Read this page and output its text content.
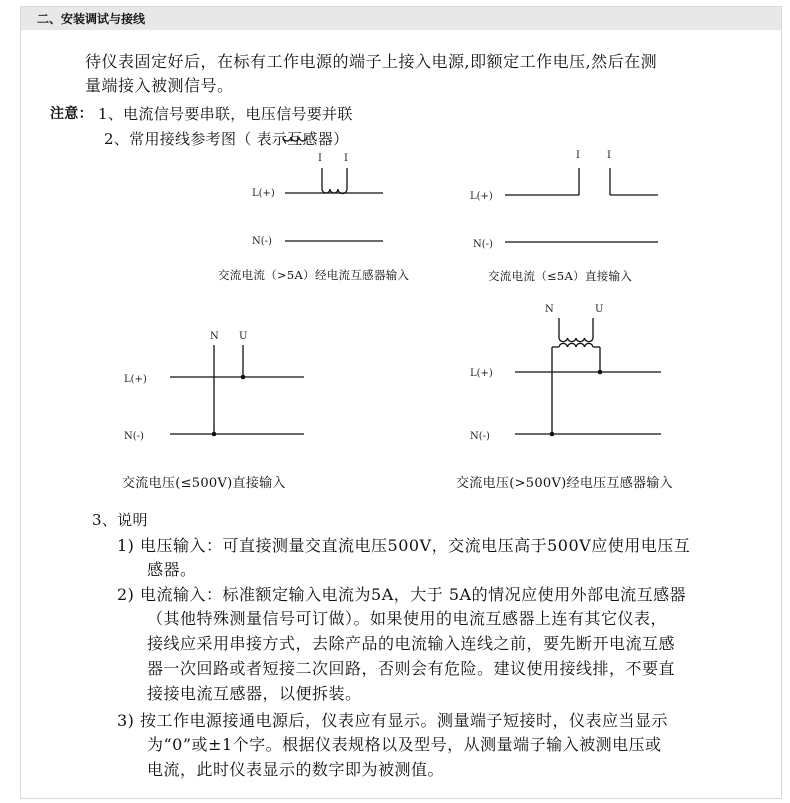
二、安装调试与接线
待仪表固定好后，在标有工作电源的端子上接入电源,即额定工作电压,然后在测
量端接入被测信号。
注意： 1、电流信号要串联，电压信号要并联
2、常用接线参考图（ 表示互感器）
I I
L(+)
N(-)
交流电流（>5A）经电流互感器输入
I	I
L(+)
N(-)
交流电流（≤5A）直接输入
N U
L(+)
N(-)
交流电压(≤500V)直接输入
N	U
L(+)
N(-)
交流电压(>500V)经电压互感器输入
3、说明
1) 电压输入：可直接测量交直流电压500V，交流电压高于500V应使用电压互
感器。
2) 电流输入：标准额定输入电流为5A，大于 5A的情况应使用外部电流互感器
（其他特殊测量信号可订做）。如果使用的电流互感器上连有其它仪表，
接线应采用串接方式，去除产品的电流输入连线之前，要先断开电流互感
器一次回路或者短接二次回路，否则会有危险。建议使用接线排，不要直
接接电流互感器，以便拆装。
3) 按工作电源接通电源后，仪表应有显示。测量端子短接时，仪表应当显示
为“0”或±1个字。根据仪表规格以及型号，从测量端子输入被测电压或
电流，此时仪表显示的数字即为被测值。
